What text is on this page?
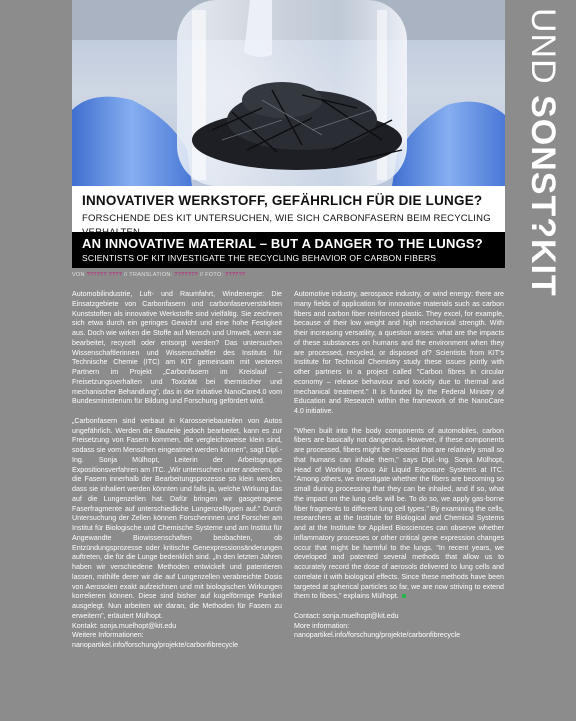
UND SONST?KIT
INNOVATIVER WERKSTOFF, GEFÄHRLICH FÜR DIE LUNGE?
FORSCHENDE DES KIT UNTERSUCHEN, WIE SICH CARBONFASERN BEIM RECYCLING
AN INNOVATIVE MATERIAL – BUT A DANGER TO THE LUNGS?
SCIENTISTS OF KIT INVESTIGATE THE RECYCLING BEHAVIOR OF CARBON FIBERS
VON ?????? ???? // TRANSLATION: ??????? // FOTO: ??????

Automobilindustrie, Luft- und Raumfahrt, Windenergie: Die Einsatzgebiete von Carbonfasern und carbonfaserverstärkten Kunststoffen als innovative Werkstoffe sind vielfältig. Sie zeichnen sich etwa durch ein geringes Gewicht und eine hohe Festigkeit aus. Doch wie wirken die Stoffe auf Mensch und Umwelt, wenn sie bearbeitet, recycelt oder entsorgt werden? Das untersuchen Wissenschaftlerinnen und Wissenschaftler des Instituts für Technische Chemie (ITC) am KIT gemeinsam mit weiteren Partnern im Projekt „Carbonfasern im Kreislauf – Freisetzungsverhalten und Toxizität bei thermischer und mechanischer Behandlung", das in der Initiative NanoCare4.0 vom Bundesministerium für Bildung und Forschung gefördert wird.

„Carbonfasern sind verbaut in Karosseriebauteilen von Autos ungefährlich. Werden die Bauteile jedoch bearbeitet, kann es zur Freisetzung von Fasern kommen, die vergleichsweise klein sind, sodass sie vom Menschen eingeatmet werden können", sagt Dipl.-Ing. Sonja Mülhopt, Leiterin der Arbeitsgruppe Expositionsverfahren am ITC. „Wir untersuchen unter anderem, ob die Fasern innerhalb der Bearbeitungsprozesse so klein werden, dass sie inhaliert werden könnten und falls ja, welche Wirkung das auf die Lungenzellen hat. Dafür bringen wir gasgetragene Faserfragmente auf unterschiedliche Lungenzelltypen auf." Durch Untersuchung der Zellen können Forscherinnen und Forscher am Institut für Biologische und Chemische Systeme und am Institut für Angewandte Biowissenschaften beobachten, ob Entzündungsprozesse oder kritische Genexpressionsänderungen auftreten, die für die Lunge bedenklich sind. „In den letzten Jahren haben wir verschiedene Methoden entwickelt und patentieren lassen, mithilfe derer wir die auf Lungenzellen verabreichte Dosis von Aerosolen exakt aufzeichnen und mit biologischen Wirkungen korrelieren können. Diese sind bisher auf kugelförmige Partikel ausgelegt. Nun arbeiten wir daran, die Methoden für Fasern zu erweitern", erläutert Mülhopt.

Kontakt: sonja.muelhopt@kit.edu
Weitere Informationen:
nanopartikel.info/forschung/projekte/carbonfibrecycle

Automotive industry, aerospace industry, or wind energy: there are many fields of application for innovative materials such as carbon fibers and carbon fiber reinforced plastic. They excel, for example, because of their low weight and high mechanical strength. With their increasing versatility, a question arises: what are the impacts of these substances on humans and the environment when they are processed, recycled, or disposed of? Scientists from KIT's Institute for Technical Chemistry study these issues jointly with other partners in a project called "Carbon fibres in circular economy – release behaviour and toxicity due to thermal and mechanical treatment." It is funded by the Federal Ministry of Education and Research within the framework of the NanoCare 4.0 initiative.

"When built into the body components of automobiles, carbon fibers are basically not dangerous. However, if these components are processed, fibers might be released that are relatively small so that humans can inhale them," says Dipl.-Ing. Sonja Mülhopt, Head of Working Group Air Liquid Exposure Systems at ITC. "Among others, we investigate whether the fibers are becoming so small during processing that they can be inhaled, and if so, what the impact on the lung cells will be. To do so, we apply gas-borne fiber fragments to different lung cell types." By examining the cells, researchers at the Institute for Biological and Chemical Systems and at the Institute for Applied Biosciences can observe whether inflammatory processes or other critical gene expression changes occur that might be harmful to the lungs. "In recent years, we developed and patented several methods that allow us to accurately record the dose of aerosols delivered to lung cells and correlate it with biological effects. Since these methods have been targeted at spherical particles so far, we are now striving to extend them to fibers," explains Mülhopt.

Contact: sonja.muelhopt@kit.edu
More information:
nanopartikel.info/forschung/projekte/carbonfibrecycle
